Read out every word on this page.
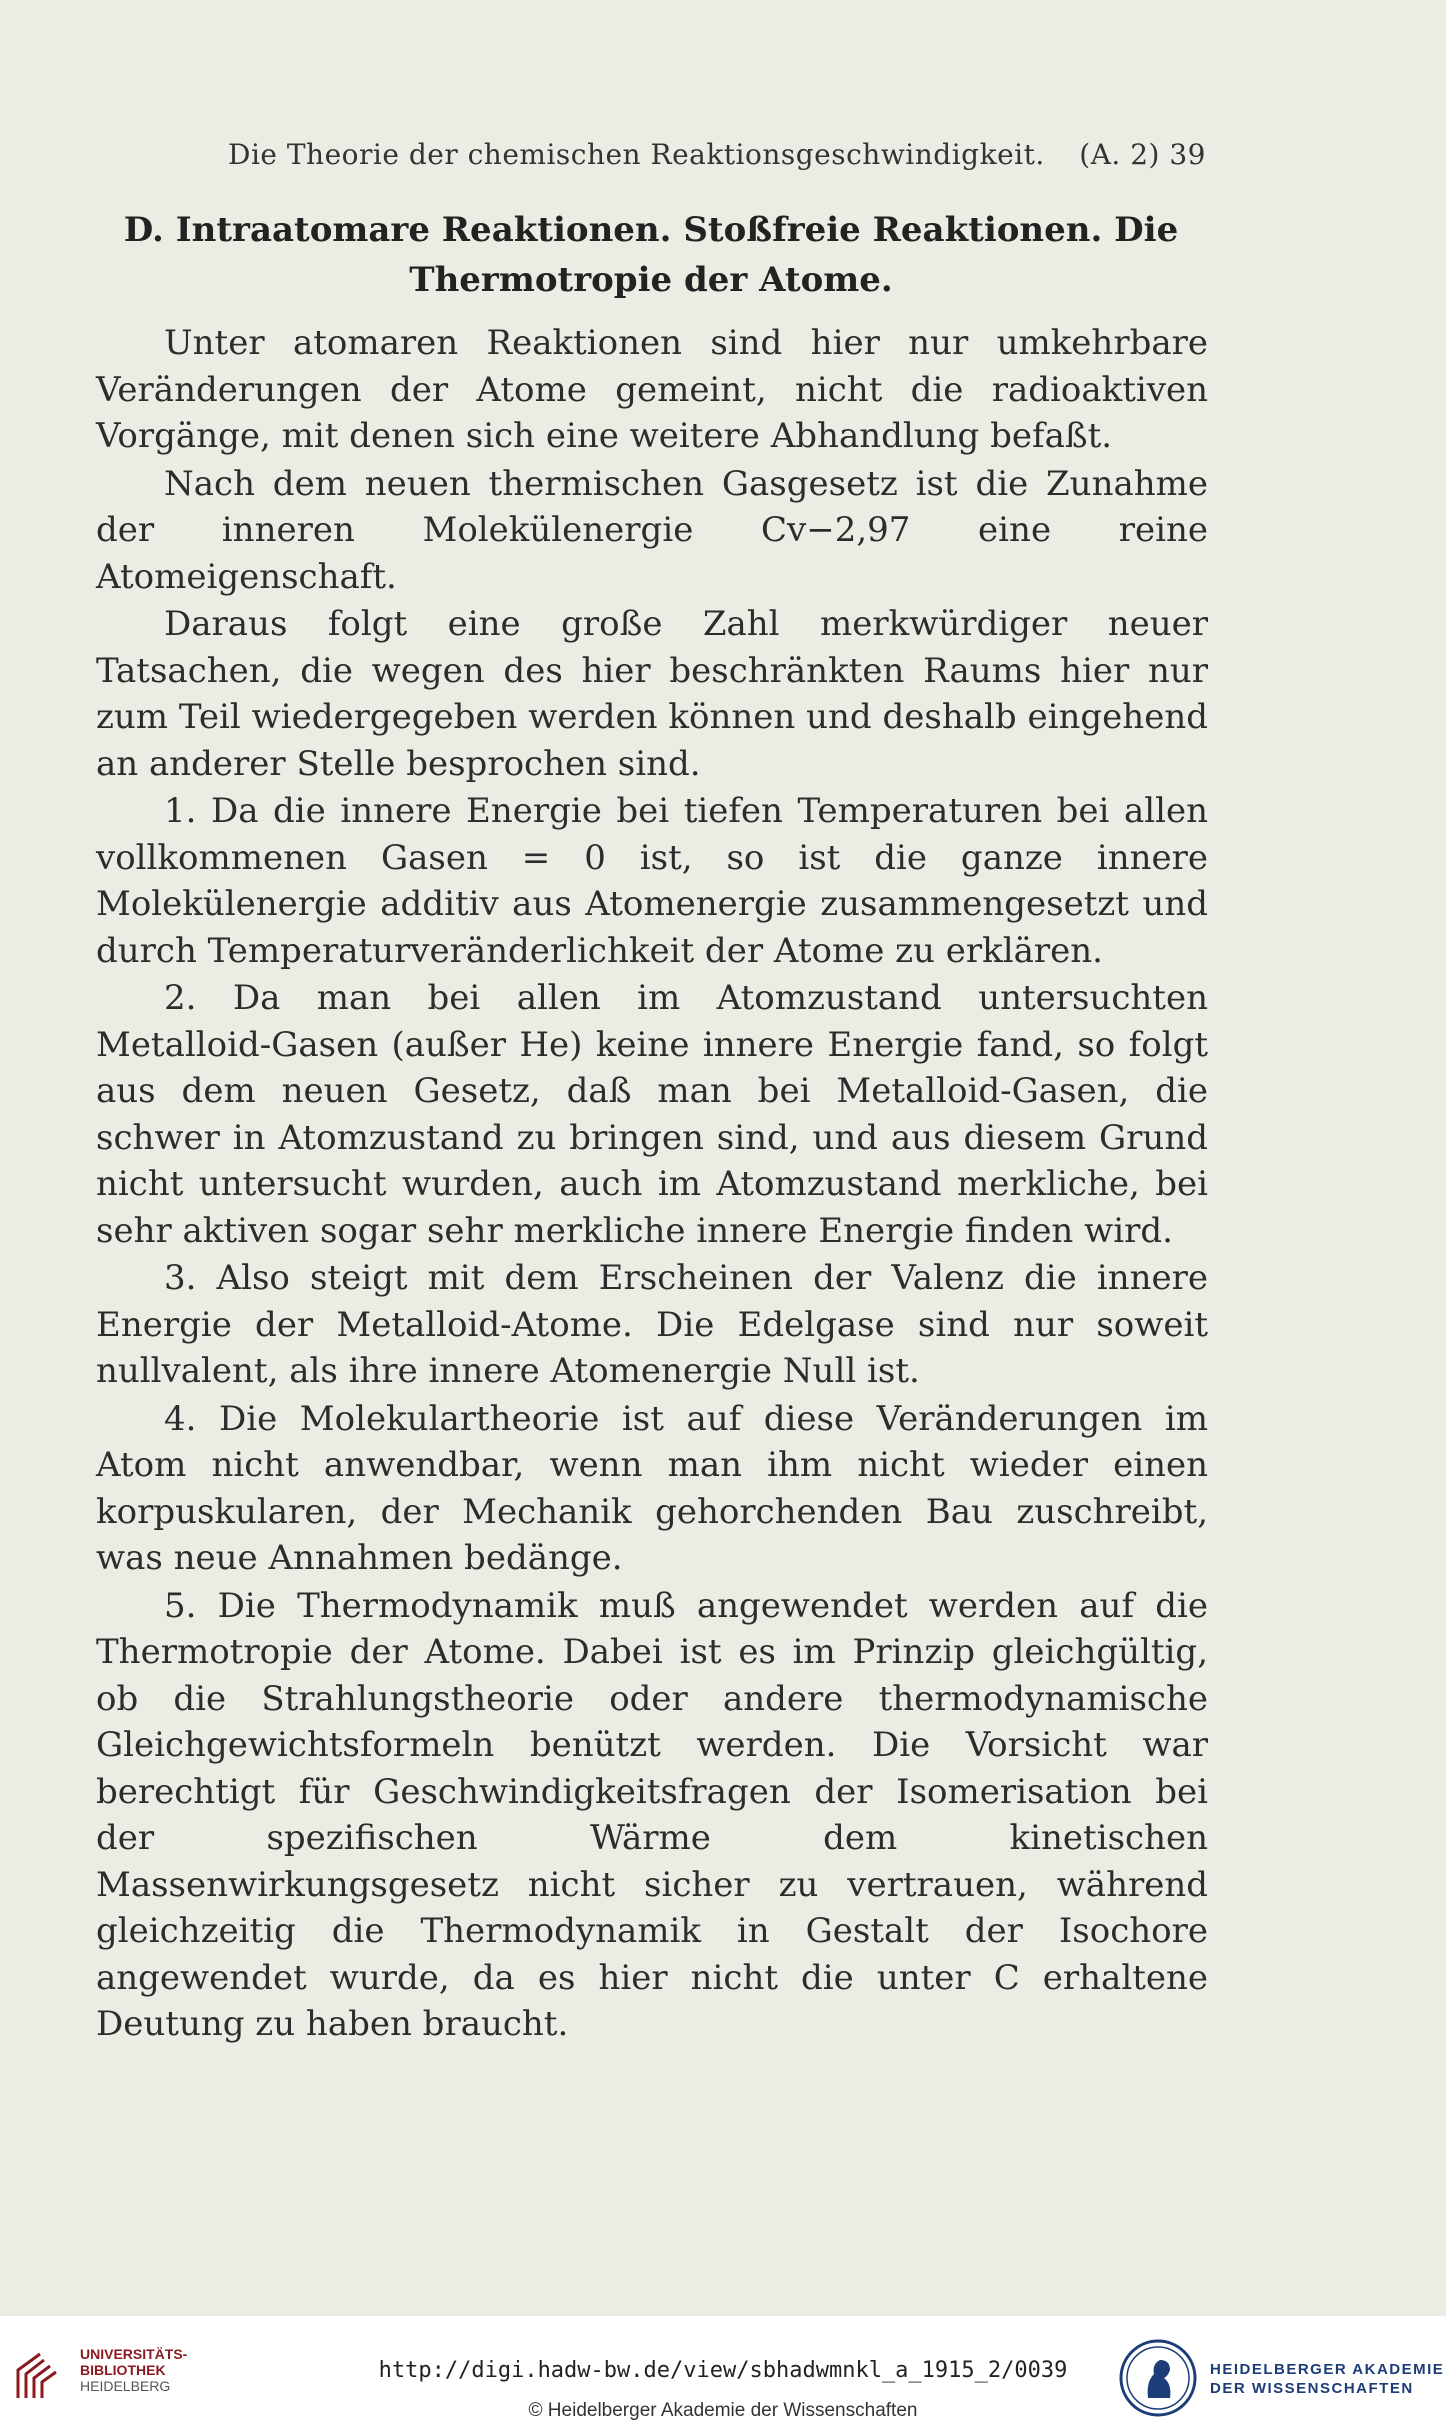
Die Theorie der chemischen Reaktionsgeschwindigkeit. (A. 2) 39
D. Intraatomare Reaktionen. Stoßfreie Reaktionen. Die Thermotropie der Atome.

Unter atomaren Reaktionen sind hier nur umkehrbare Veränderungen der Atome gemeint, nicht die radioaktiven Vorgänge, mit denen sich eine weitere Abhandlung befaßt.

Nach dem neuen thermischen Gasgesetz ist die Zunahme der inneren Molekülenergie Cv−2,97 eine reine Atomeigenschaft.

Daraus folgt eine große Zahl merkwürdiger neuer Tatsachen, die wegen des hier beschränkten Raums hier nur zum Teil wiedergegeben werden können und deshalb eingehend an anderer Stelle besprochen sind.

1. Da die innere Energie bei tiefen Temperaturen bei allen vollkommenen Gasen = 0 ist, so ist die ganze innere Molekülenergie additiv aus Atomenergie zusammengesetzt und durch Temperaturveränderlichkeit der Atome zu erklären.

2. Da man bei allen im Atomzustand untersuchten Metalloid-Gasen (außer He) keine innere Energie fand, so folgt aus dem neuen Gesetz, daß man bei Metalloid-Gasen, die schwer in Atomzustand zu bringen sind, und aus diesem Grund nicht untersucht wurden, auch im Atomzustand merkliche, bei sehr aktiven sogar sehr merkliche innere Energie finden wird.

3. Also steigt mit dem Erscheinen der Valenz die innere Energie der Metalloid-Atome. Die Edelgase sind nur soweit nullvalent, als ihre innere Atomenergie Null ist.

4. Die Molekulartheorie ist auf diese Veränderungen im Atom nicht anwendbar, wenn man ihm nicht wieder einen korpuskularen, der Mechanik gehorchenden Bau zuschreibt, was neue Annahmen bedänge.

5. Die Thermodynamik muß angewendet werden auf die Thermotropie der Atome. Dabei ist es im Prinzip gleichgültig, ob die Strahlungstheorie oder andere thermodynamische Gleichgewichtsformeln benützt werden. Die Vorsicht war berechtigt für Geschwindigkeitsfragen der Isomerisation bei der spezifischen Wärme dem kinetischen Massenwirkungsgesetz nicht sicher zu vertrauen, während gleichzeitig die Thermodynamik in Gestalt der Isochore angewendet wurde, da es hier nicht die unter C erhaltene Deutung zu haben braucht.

UNIVERSITÄTS-
BIBLIOTHEK
HEIDELBERG
http://digi.hadw-bw.de/view/sbhadwmnkl_a_1915_2/0039
© Heidelberger Akademie der Wissenschaften
HEIDELBERGER AKADEMIE
DER WISSENSCHAFTEN
